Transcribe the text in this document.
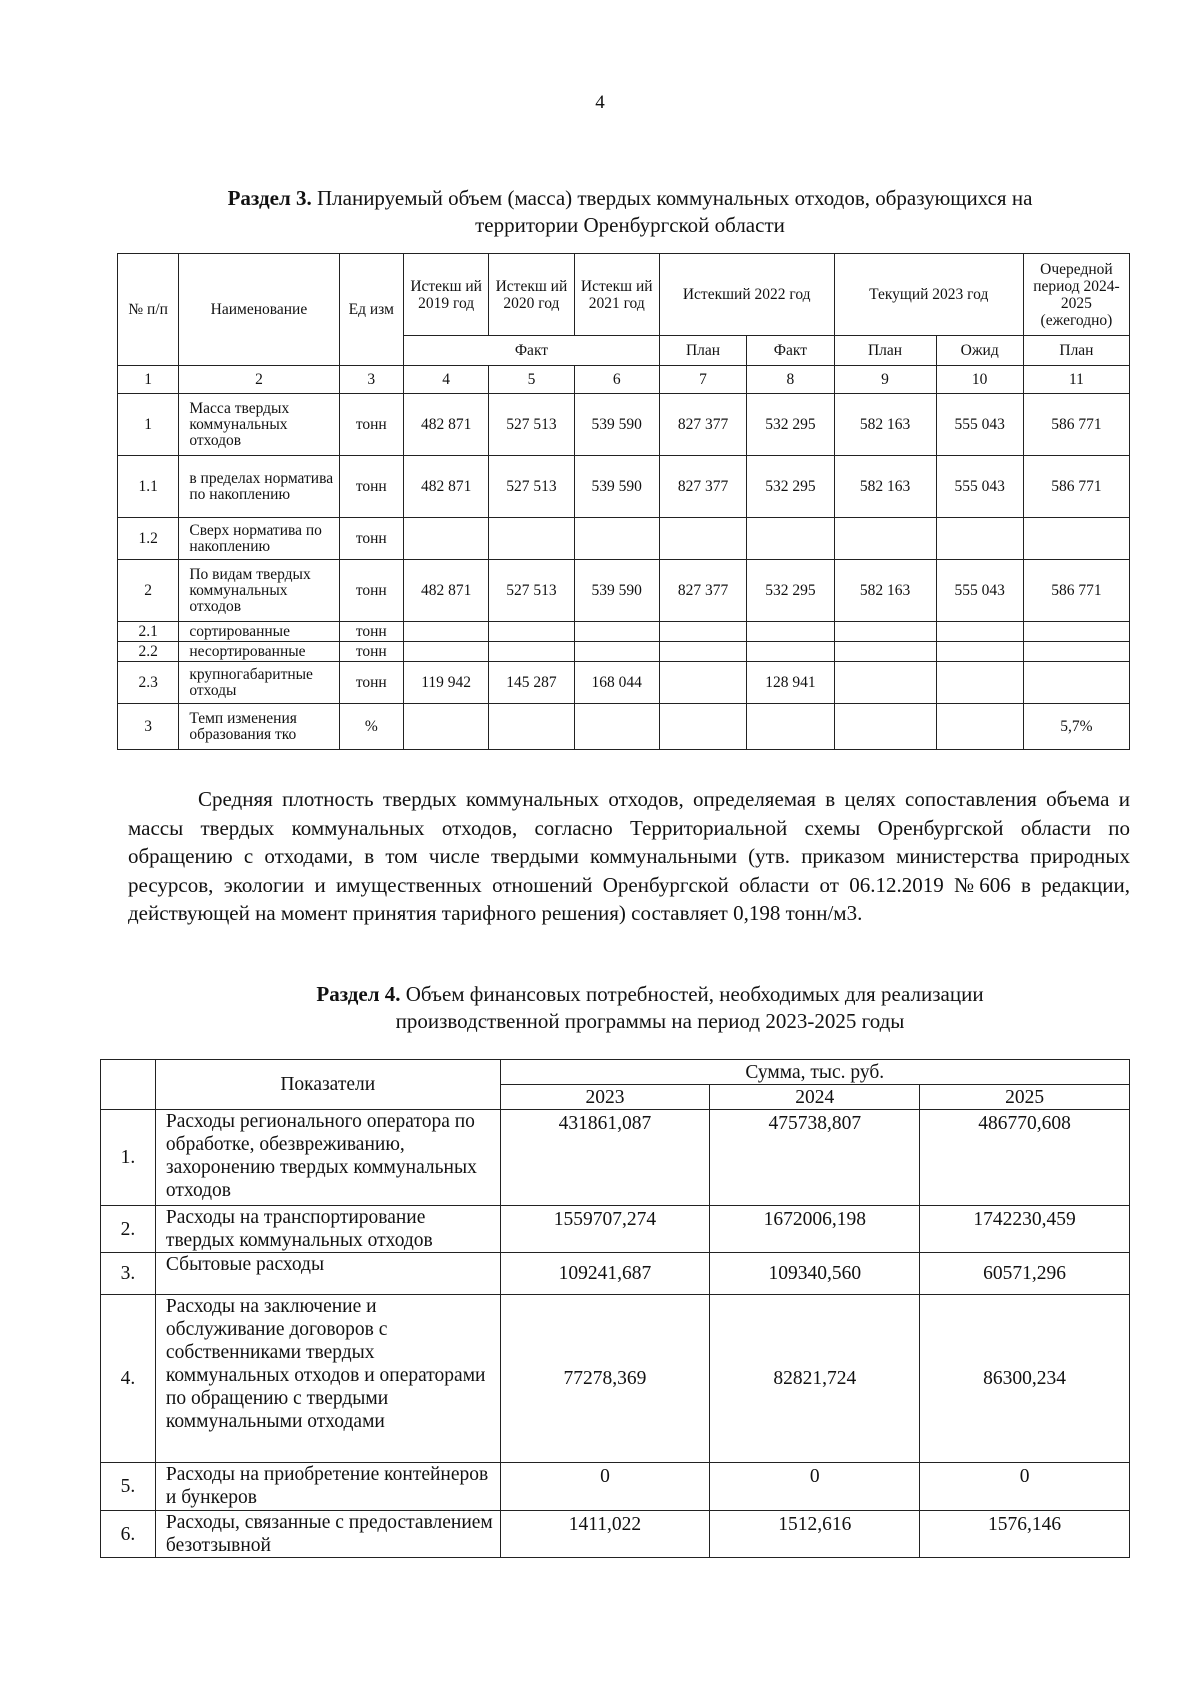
4
Раздел 3. Планируемый объем (масса) твердых коммунальных отходов, образующихся на
территории Оренбургской области
№ п/п	Наименование	Ед изм	Истекш ий 2019 год	Истекш ий 2020 год	Истекш ий 2021 год	Истекший 2022 год		Текущий 2023 год		Очередной период 2024-2025 (ежегодно)
			Факт			План	Факт	План	Ожид	План
1	2	3	4	5	6	7	8	9	10	11
1	Масса твердых коммунальных отходов	тонн	482 871	527 513	539 590	827 377	532 295	582 163	555 043	586 771
1.1	в пределах норматива по накоплению	тонн	482 871	527 513	539 590	827 377	532 295	582 163	555 043	586 771
1.2	Сверх норматива по накоплению	тонн								
2	По видам твердых коммунальных отходов	тонн	482 871	527 513	539 590	827 377	532 295	582 163	555 043	586 771
2.1	сортированные	тонн								
2.2	несортированные	тонн								
2.3	крупногабаритные отходы	тонн	119 942	145 287	168 044		128 941			
3	Темп изменения образования тко	%								5,7%
Средняя плотность твердых коммунальных отходов, определяемая в целях сопоставления объема и массы твердых коммунальных отходов, согласно Территориальной схемы Оренбургской области по обращению с отходами, в том числе твердыми коммунальными (утв. приказом министерства природных ресурсов, экологии и имущественных отношений Оренбургской области от 06.12.2019 №606 в редакции, действующей на момент принятия тарифного решения) составляет 0,198 тонн/м3.
Раздел 4. Объем финансовых потребностей, необходимых для реализации
производственной программы на период 2023-2025 годы
	Показатели	Сумма, тыс. руб.		
		2023	2024	2025
1.	Расходы регионального оператора по обработке, обезвреживанию, захоронению твердых коммунальных отходов	431861,087	475738,807	486770,608
2.	Расходы на транспортирование твердых коммунальных отходов	1559707,274	1672006,198	1742230,459
3.	Сбытовые расходы	109241,687	109340,560	60571,296
4.	Расходы на заключение и обслуживание договоров с собственниками твердых коммунальных отходов и операторами по обращению с твердыми коммунальными отходами	77278,369	82821,724	86300,234
5.	Расходы на приобретение контейнеров и бункеров	0	0	0
6.	Расходы, связанные с предоставлением безотзывной	1411,022	1512,616	1576,146
